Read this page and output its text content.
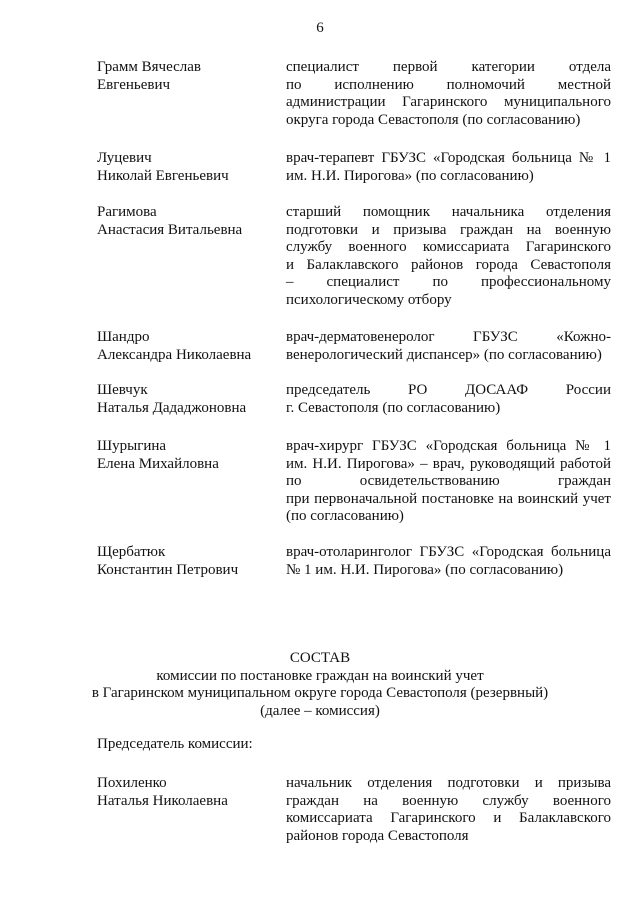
6
Грамм Вячеслав
Евгеньевич
специалист первой категории отдела
по исполнению полномочий местной
администрации Гагаринского муниципального
округа города Севастополя (по согласованию)
Луцевич
Николай Евгеньевич
врач-терапевт ГБУЗС «Городская больница № 1
им. Н.И. Пирогова» (по согласованию)
Рагимова
Анастасия Витальевна
старший помощник начальника отделения
подготовки и призыва граждан на военную
службу военного комиссариата Гагаринского
и Балаклавского районов города Севастополя
– специалист по профессиональному
психологическому отбору
Шандро
Александра Николаевна
врач-дерматовенеролог ГБУЗС «Кожно-
венерологический диспансер» (по согласованию)
Шевчук
Наталья Дададжоновна
председатель РО ДОСААФ России
г. Севастополя (по согласованию)
Шурыгина
Елена Михайловна
врач-хирург ГБУЗС «Городская больница № 1
им. Н.И. Пирогова» – врач, руководящий работой
по освидетельствованию граждан
при первоначальной постановке на воинский учет
(по согласованию)
Щербатюк
Константин Петрович
врач-отоларинголог ГБУЗС «Городская больница
№ 1 им. Н.И. Пирогова» (по согласованию)
СОСТАВ
комиссии по постановке граждан на воинский учет
в Гагаринском муниципальном округе города Севастополя (резервный)
(далее – комиссия)
Председатель комиссии:
Похиленко
Наталья Николаевна
начальник отделения подготовки и призыва
граждан на военную службу военного
комиссариата Гагаринского и Балаклавского
районов города Севастополя
